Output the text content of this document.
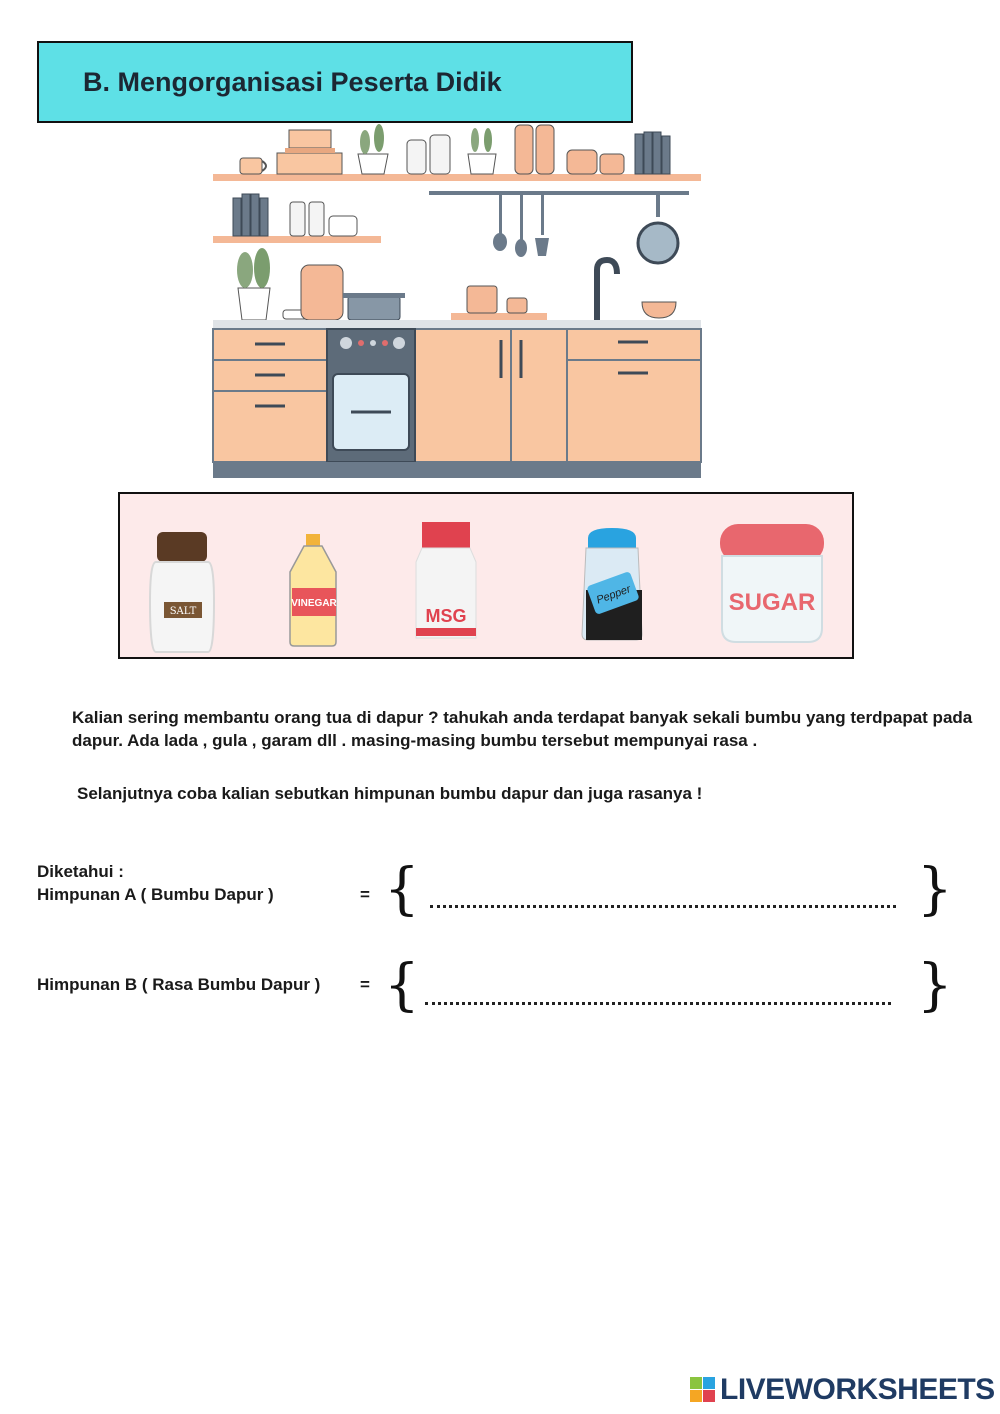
B. Mengorganisasi Peserta Didik
SALT
VINEGAR
MSG
Pepper	SUGAR
Kalian sering membantu orang tua di dapur ? tahukah anda terdapat banyak sekali bumbu yang terdpapat pada dapur. Ada lada , gula , garam dll . masing-masing bumbu tersebut mempunyai rasa .
Selanjutnya coba kalian sebutkan himpunan bumbu dapur dan juga rasanya !
Diketahui :
Himpunan A ( Bumbu Dapur )	= {	}
Himpunan B ( Rasa Bumbu Dapur ) = {	}
LIVEWORKSHEETS
